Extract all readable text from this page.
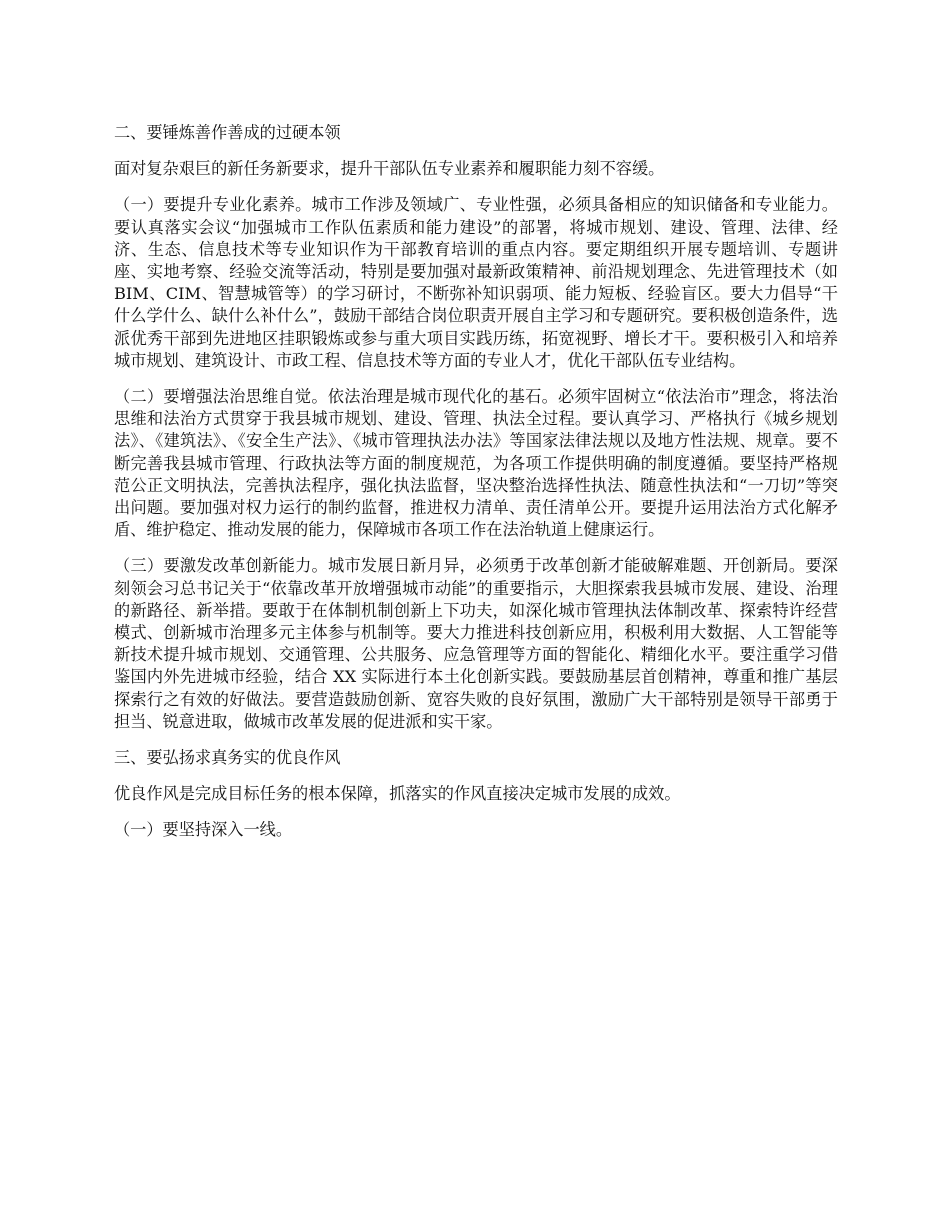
二、要锤炼善作善成的过硬本领

面对复杂艰巨的新任务新要求，提升干部队伍专业素养和履职能力刻不容缓。

（一）要提升专业化素养。城市工作涉及领域广、专业性强，必须具备相应的知识储备和专业能力。要认真落实会议“加强城市工作队伍素质和能力建设”的部署，将城市规划、建设、管理、法律、经济、生态、信息技术等专业知识作为干部教育培训的重点内容。要定期组织开展专题培训、专题讲座、实地考察、经验交流等活动，特别是要加强对最新政策精神、前沿规划理念、先进管理技术（如 BIM、CIM、智慧城管等）的学习研讨，不断弥补知识弱项、能力短板、经验盲区。要大力倡导“干什么学什么、缺什么补什么”，鼓励干部结合岗位职责开展自主学习和专题研究。要积极创造条件，选派优秀干部到先进地区挂职锻炼或参与重大项目实践历练，拓宽视野、增长才干。要积极引入和培养城市规划、建筑设计、市政工程、信息技术等方面的专业人才，优化干部队伍专业结构。

（二）要增强法治思维自觉。依法治理是城市现代化的基石。必须牢固树立“依法治市”理念，将法治思维和法治方式贯穿于我县城市规划、建设、管理、执法全过程。要认真学习、严格执行《城乡规划法》、《建筑法》、《安全生产法》、《城市管理执法办法》等国家法律法规以及地方性法规、规章。要不断完善我县城市管理、行政执法等方面的制度规范，为各项工作提供明确的制度遵循。要坚持严格规范公正文明执法，完善执法程序，强化执法监督，坚决整治选择性执法、随意性执法和“一刀切”等突出问题。要加强对权力运行的制约监督，推进权力清单、责任清单公开。要提升运用法治方式化解矛盾、维护稳定、推动发展的能力，保障城市各项工作在法治轨道上健康运行。

（三）要激发改革创新能力。城市发展日新月异，必须勇于改革创新才能破解难题、开创新局。要深刻领会习总书记关于“依靠改革开放增强城市动能”的重要指示，大胆探索我县城市发展、建设、治理的新路径、新举措。要敢于在体制机制创新上下功夫，如深化城市管理执法体制改革、探索特许经营模式、创新城市治理多元主体参与机制等。要大力推进科技创新应用，积极利用大数据、人工智能等新技术提升城市规划、交通管理、公共服务、应急管理等方面的智能化、精细化水平。要注重学习借鉴国内外先进城市经验，结合 XX 实际进行本土化创新实践。要鼓励基层首创精神，尊重和推广基层探索行之有效的好做法。要营造鼓励创新、宽容失败的良好氛围，激励广大干部特别是领导干部勇于担当、锐意进取，做城市改革发展的促进派和实干家。

三、要弘扬求真务实的优良作风

优良作风是完成目标任务的根本保障，抓落实的作风直接决定城市发展的成效。

（一）要坚持深入一线。
